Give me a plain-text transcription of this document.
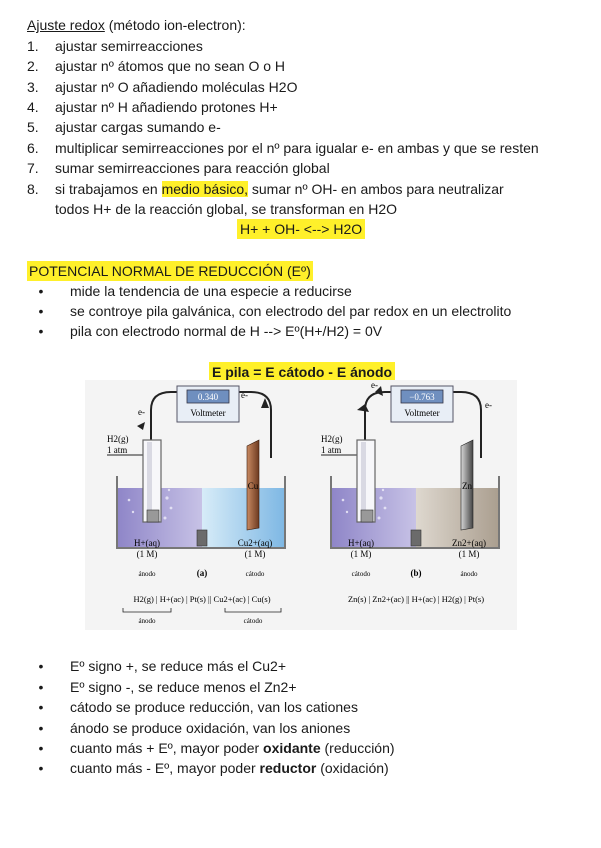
Ajuste redox (método ion-electron):
1. ajustar semirreacciones
2. ajustar nº átomos que no sean O o H
3. ajustar nº O añadiendo moléculas H2O
4. ajustar nº H añadiendo protones H+
5. ajustar cargas sumando e-
6. multiplicar semirreacciones por el nº para igualar e- en ambas y que se resten
7. sumar semirreacciones para reacción global
8. si trabajamos en medio básico, sumar nº OH- en ambos para neutralizar
todos H+ de la reacción global, se transforman en H2O
H+ + OH- <--> H2O
POTENCIAL NORMAL DE REDUCCIÓN (Eº)
• mide la tendencia de una especie a reducirse
• se controye pila galvánica, con electrodo del par redox en un electrolito
• pila con electrodo normal de H --> Eº(H+/H2) = 0V
E pila = E cátodo - E ánodo
e-
e-
0.340
Voltmeter
H2(g)
1 atm
Cu
H+(aq)
(1 M)
Cu2+(aq)
(1 M)
ánodo	(a)	cátodo
H2(g) | H+(ac) | Pt(s) || Cu2+(ac) | Cu(s)
ánodo	cátodo
e-
e-
−0.763
Voltmeter
H2(g)
1 atm
Zn
H+(aq)
(1 M)
Zn2+(aq)
(1 M)
cátodo	(b)	ánodo
Zn(s) | Zn2+(ac) || H+(ac) | H2(g) | Pt(s)
• Eº signo +, se reduce más el Cu2+
• Eº signo -, se reduce menos el Zn2+
• cátodo se produce reducción, van los cationes
• ánodo se produce oxidación, van los aniones
• cuanto más + Eº, mayor poder oxidante (reducción)
• cuanto más - Eº, mayor poder reductor (oxidación)
